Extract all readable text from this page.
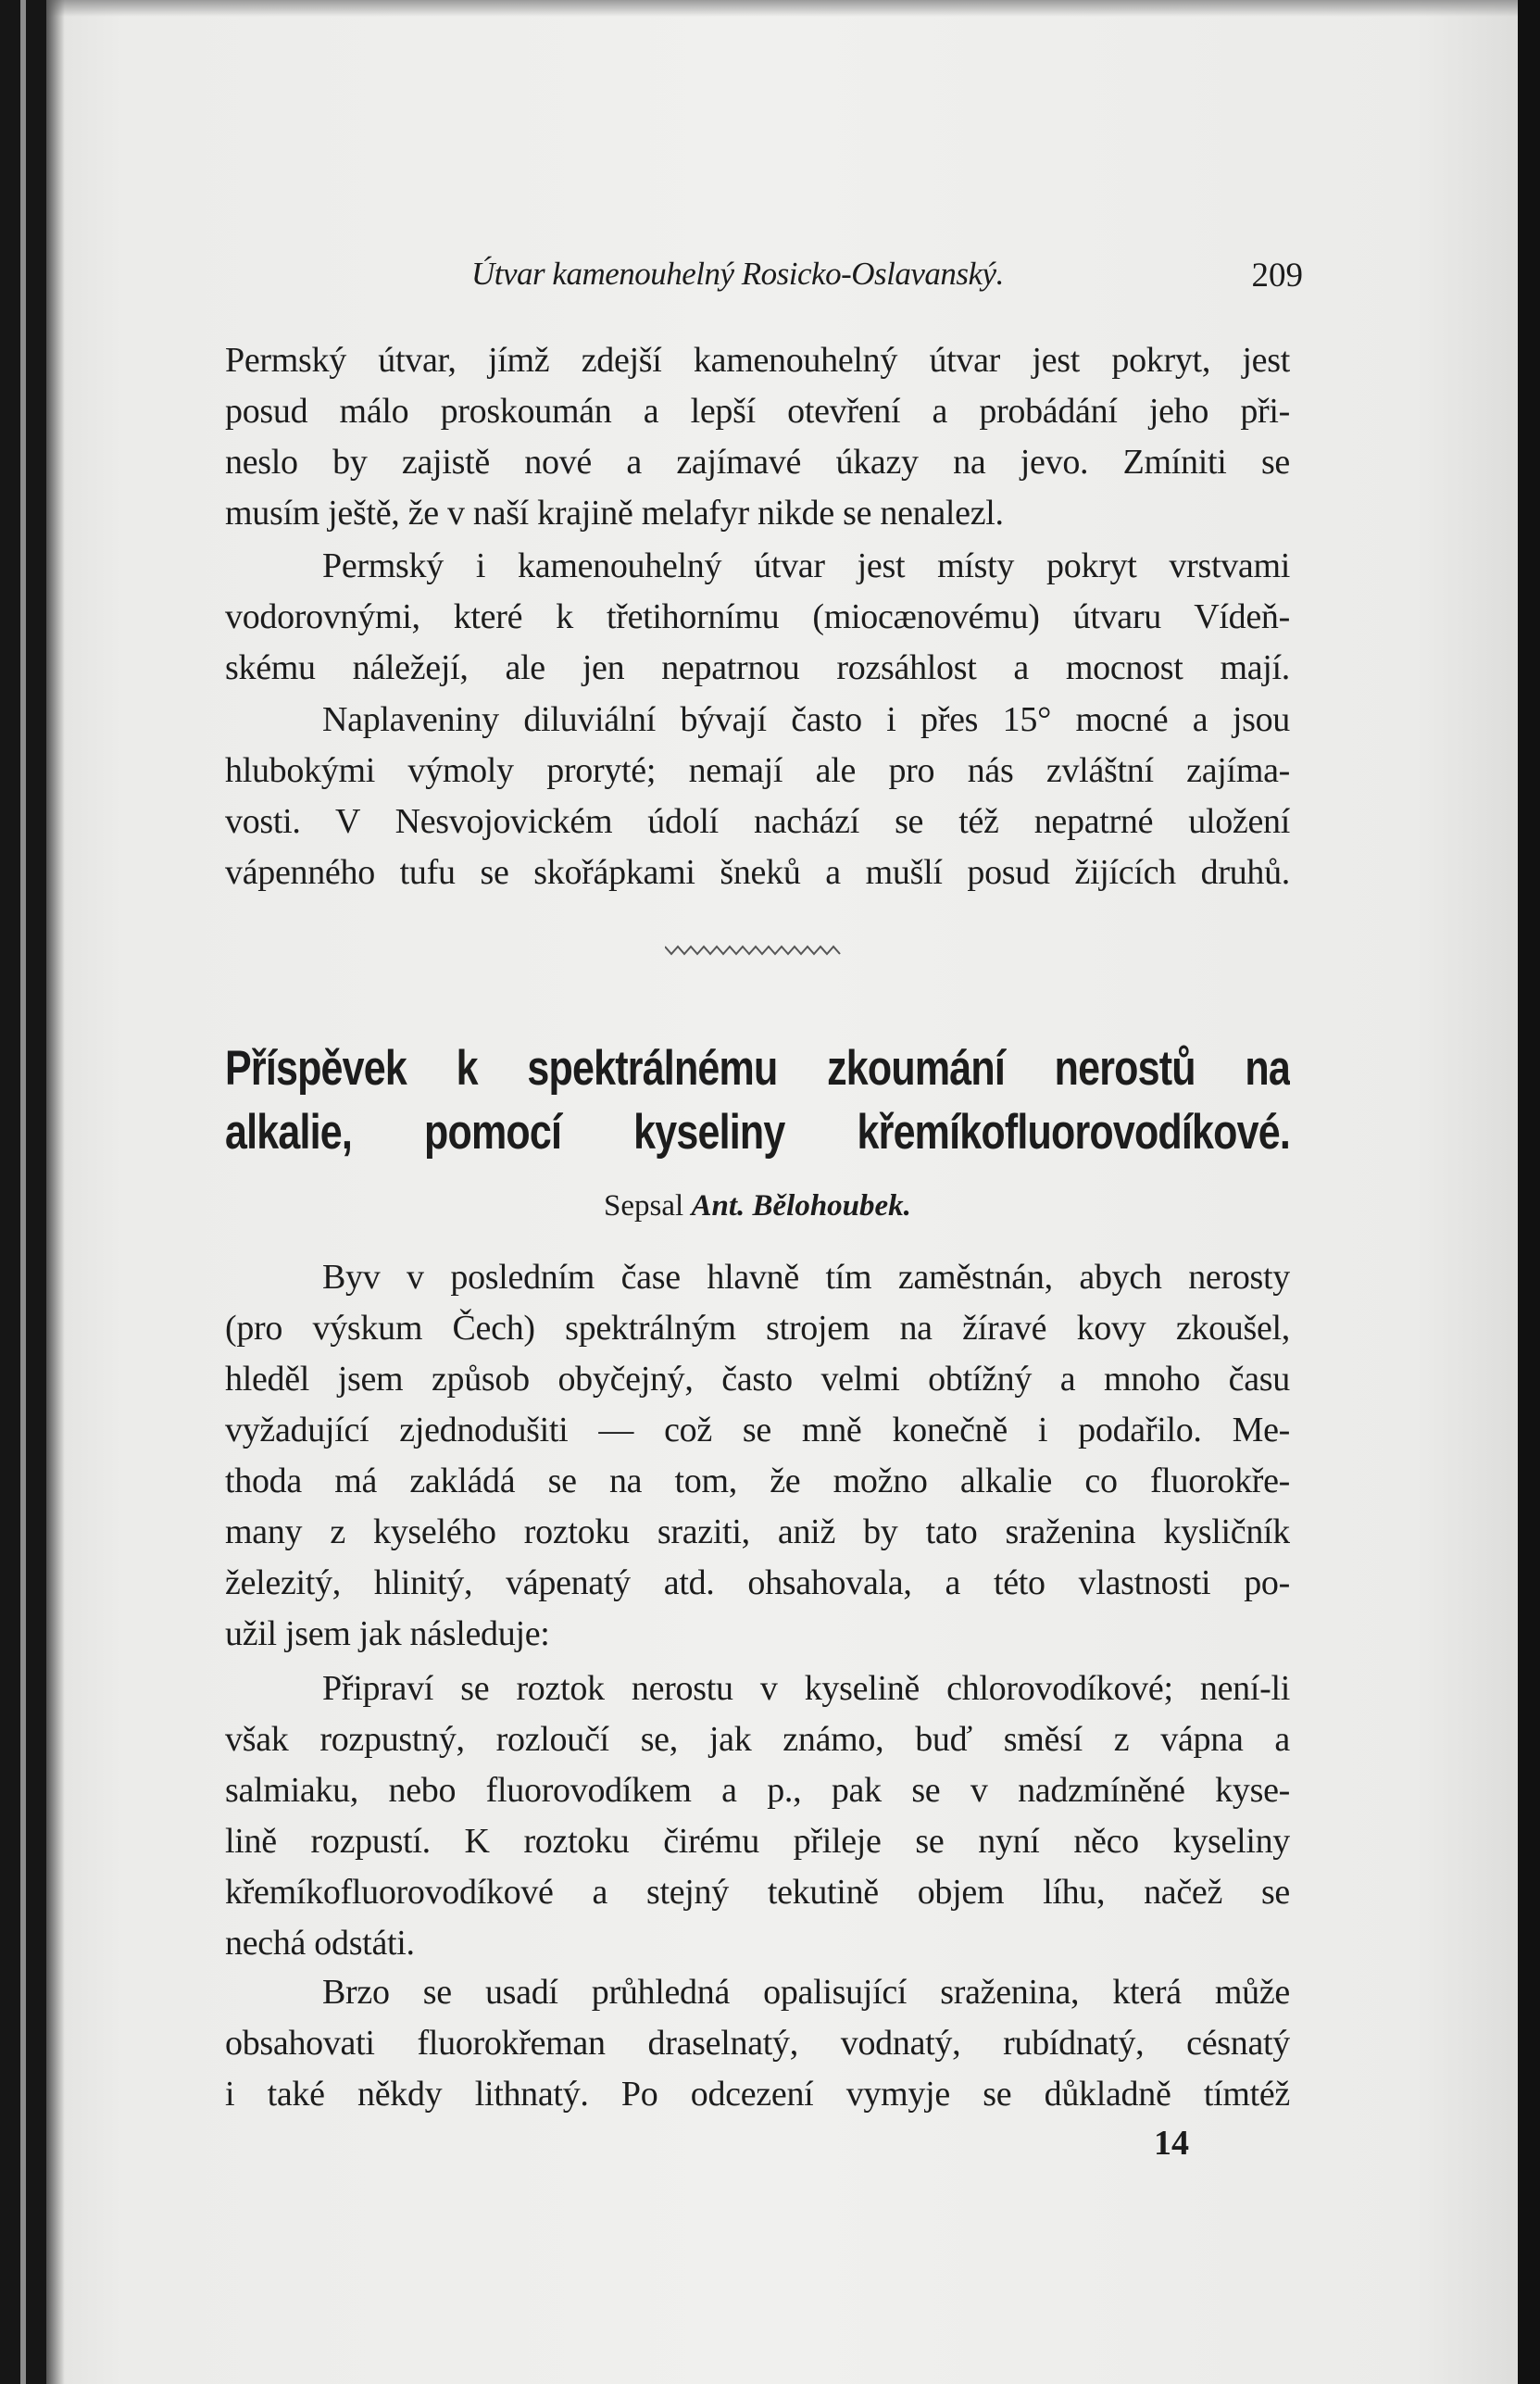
Útvar kamenouhelný Rosicko-Oslavanský.	209
Permský útvar, jímž zdejší kamenouhelný útvar jest pokryt, jest
posud málo proskoumán a lepší otevření a probádání jeho při-
neslo by zajistě nové a zajímavé úkazy na jevo. Zmíniti se
musím ještě, že v naší krajině melafyr nikde se nenalezl.
Permský i kamenouhelný útvar jest místy pokryt vrstvami
vodorovnými, které k třetihornímu (miocænovému) útvaru Vídeň-
skému náležejí, ale jen nepatrnou rozsáhlost a mocnost mají.
Naplaveniny diluviální bývají často i přes 15° mocné a jsou
hlubokými výmoly proryté; nemají ale pro nás zvláštní zajíma-
vosti. V Nesvojovickém údolí nachází se též nepatrné uložení
vápenného tufu se skořápkami šneků a mušlí posud žijících druhů.
Příspěvek k spektrálnému zkoumání nerostů na
alkalie, pomocí kyseliny křemíkofluorovodíkové.
Sepsal Ant. Bělohoubek.
Byv v posledním čase hlavně tím zaměstnán, abych nerosty
(pro výskum Čech) spektrálným strojem na žíravé kovy zkoušel,
hleděl jsem způsob obyčejný, často velmi obtížný a mnoho času
vyžadující zjednodušiti — což se mně konečně i podařilo. Me-
thoda má zakládá se na tom, že možno alkalie co fluorokře-
many z kyselého roztoku sraziti, aniž by tato sraženina kysličník
železitý, hlinitý, vápenatý atd. ohsahovala, a této vlastnosti po-
užil jsem jak následuje:
Připraví se roztok nerostu v kyselině chlorovodíkové; není-li
však rozpustný, rozloučí se, jak známo, buď směsí z vápna a
salmiaku, nebo fluorovodíkem a p., pak se v nadzmíněné kyse-
lině rozpustí. K roztoku čirému přileje se nyní něco kyseliny
křemíkofluorovodíkové a stejný tekutině objem líhu, načež se
nechá odstáti.
Brzo se usadí průhledná opalisující sraženina, která může
obsahovati fluorokřeman draselnatý, vodnatý, rubídnatý, césnatý
i také někdy lithnatý. Po odcezení vymyje se důkladně tímtéž
14
